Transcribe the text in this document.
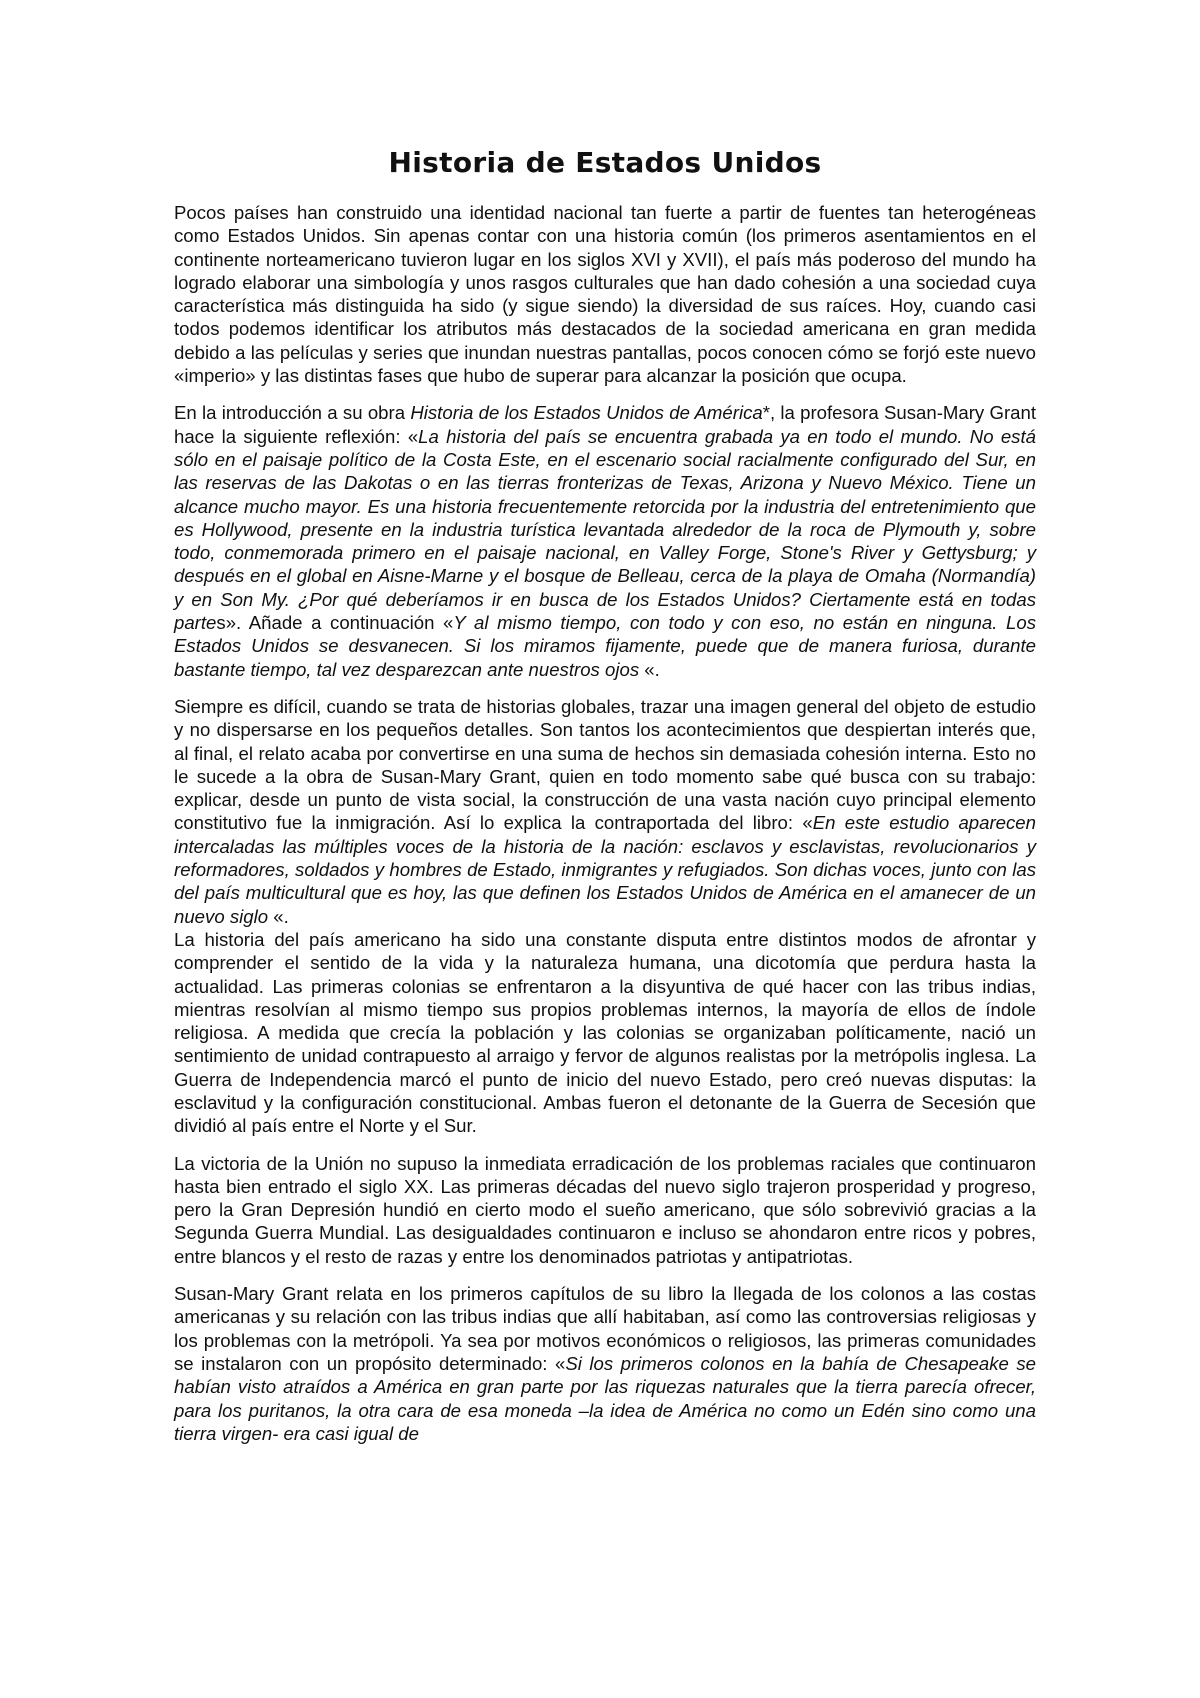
Historia de Estados Unidos

Pocos países han construido una identidad nacional tan fuerte a partir de fuentes tan heterogéneas como Estados Unidos. Sin apenas contar con una historia común (los primeros asentamientos en el continente norteamericano tuvieron lugar en los siglos XVI y XVII), el país más poderoso del mundo ha logrado elaborar una simbología y unos rasgos culturales que han dado cohesión a una sociedad cuya característica más distinguida ha sido (y sigue siendo) la diversidad de sus raíces. Hoy, cuando casi todos podemos identificar los atributos más destacados de la sociedad americana en gran medida debido a las películas y series que inundan nuestras pantallas, pocos conocen cómo se forjó este nuevo «imperio» y las distintas fases que hubo de superar para alcanzar la posición que ocupa.

En la introducción a su obra Historia de los Estados Unidos de América*, la profesora Susan-Mary Grant hace la siguiente reflexión: «La historia del país se encuentra grabada ya en todo el mundo. No está sólo en el paisaje político de la Costa Este, en el escenario social racialmente configurado del Sur, en las reservas de las Dakotas o en las tierras fronterizas de Texas, Arizona y Nuevo México. Tiene un alcance mucho mayor. Es una historia frecuentemente retorcida por la industria del entretenimiento que es Hollywood, presente en la industria turística levantada alrededor de la roca de Plymouth y, sobre todo, conmemorada primero en el paisaje nacional, en Valley Forge, Stone's River y Gettysburg; y después en el global en Aisne-Marne y el bosque de Belleau, cerca de la playa de Omaha (Normandía) y en Son My. ¿Por qué deberíamos ir en busca de los Estados Unidos? Ciertamente está en todas partes». Añade a continuación «Y al mismo tiempo, con todo y con eso, no están en ninguna. Los Estados Unidos se desvanecen. Si los miramos fijamente, puede que de manera furiosa, durante bastante tiempo, tal vez desparezcan ante nuestros ojos «.

Siempre es difícil, cuando se trata de historias globales, trazar una imagen general del objeto de estudio y no dispersarse en los pequeños detalles. Son tantos los acontecimientos que despiertan interés que, al final, el relato acaba por convertirse en una suma de hechos sin demasiada cohesión interna. Esto no le sucede a la obra de Susan-Mary Grant, quien en todo momento sabe qué busca con su trabajo: explicar, desde un punto de vista social, la construcción de una vasta nación cuyo principal elemento constitutivo fue la inmigración. Así lo explica la contraportada del libro: «En este estudio aparecen intercaladas las múltiples voces de la historia de la nación: esclavos y esclavistas, revolucionarios y reformadores, soldados y hombres de Estado, inmigrantes y refugiados. Son dichas voces, junto con las del país multicultural que es hoy, las que definen los Estados Unidos de América en el amanecer de un nuevo siglo «.

La historia del país americano ha sido una constante disputa entre distintos modos de afrontar y comprender el sentido de la vida y la naturaleza humana, una dicotomía que perdura hasta la actualidad. Las primeras colonias se enfrentaron a la disyuntiva de qué hacer con las tribus indias, mientras resolvían al mismo tiempo sus propios problemas internos, la mayoría de ellos de índole religiosa. A medida que crecía la población y las colonias se organizaban políticamente, nació un sentimiento de unidad contrapuesto al arraigo y fervor de algunos realistas por la metrópolis inglesa. La Guerra de Independencia marcó el punto de inicio del nuevo Estado, pero creó nuevas disputas: la esclavitud y la configuración constitucional. Ambas fueron el detonante de la Guerra de Secesión que dividió al país entre el Norte y el Sur.

La victoria de la Unión no supuso la inmediata erradicación de los problemas raciales que continuaron hasta bien entrado el siglo XX. Las primeras décadas del nuevo siglo trajeron prosperidad y progreso, pero la Gran Depresión hundió en cierto modo el sueño americano, que sólo sobrevivió gracias a la Segunda Guerra Mundial. Las desigualdades continuaron e incluso se ahondaron entre ricos y pobres, entre blancos y el resto de razas y entre los denominados patriotas y antipatriotas.

Susan-Mary Grant relata en los primeros capítulos de su libro la llegada de los colonos a las costas americanas y su relación con las tribus indias que allí habitaban, así como las controversias religiosas y los problemas con la metrópoli. Ya sea por motivos económicos o religiosos, las primeras comunidades se instalaron con un propósito determinado: «Si los primeros colonos en la bahía de Chesapeake se habían visto atraídos a América en gran parte por las riquezas naturales que la tierra parecía ofrecer, para los puritanos, la otra cara de esa moneda –la idea de América no como un Edén sino como una tierra virgen- era casi igual de
